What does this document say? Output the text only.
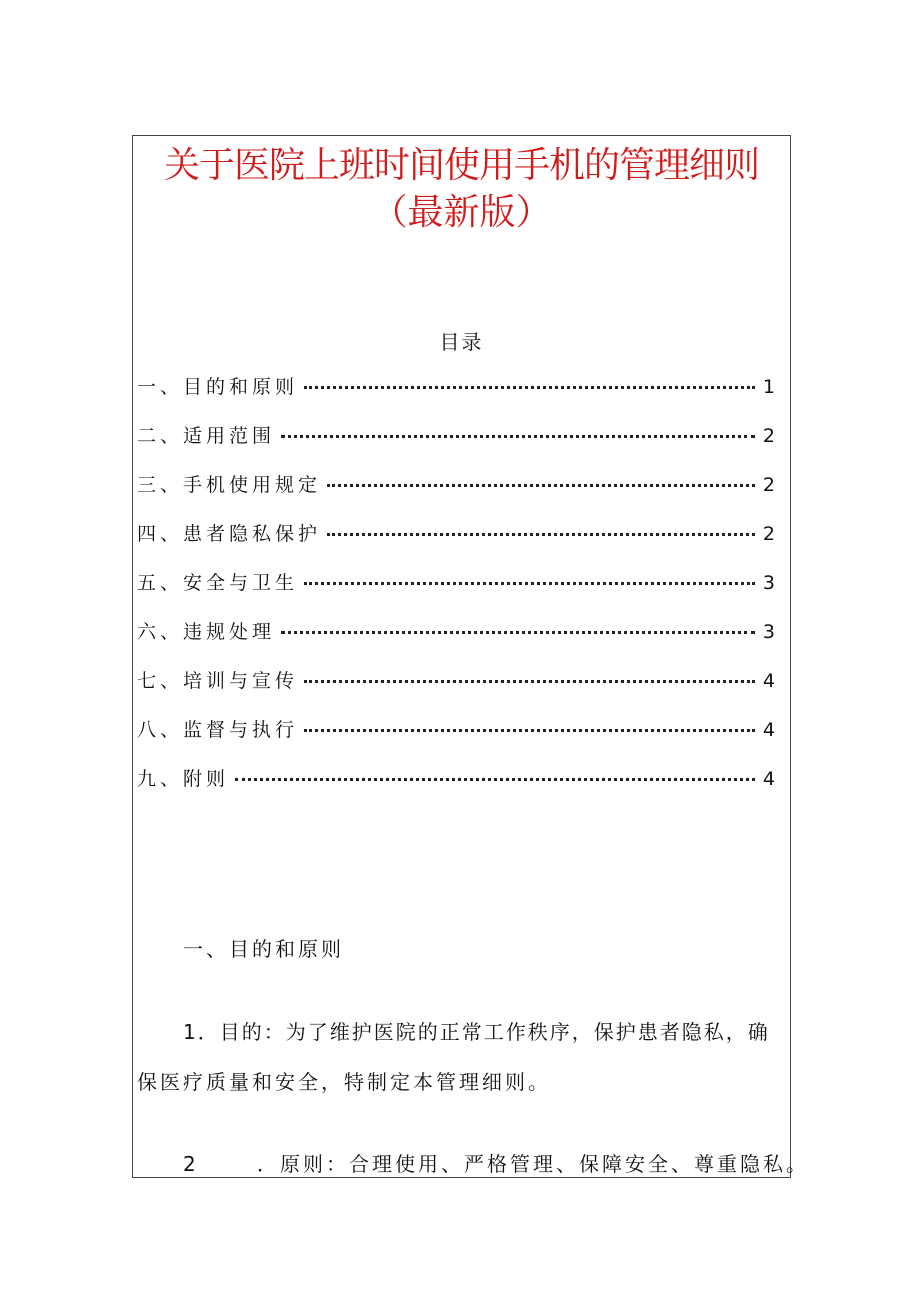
关于医院上班时间使用手机的管理细则
（最新版）
目录
一、目的和原则	1
二、适用范围	2
三、手机使用规定	2
四、患者隐私保护	2
五、安全与卫生	3
六、违规处理	3
七、培训与宣传	4
八、监督与执行	4
九、附则	4
一、目的和原则
1．目的：为了维护医院的正常工作秩序，保护患者隐私，确
保医疗质量和安全，特制定本管理细则。
2	．原则：合理使用、严格管理、保障安全、尊重隐私。
